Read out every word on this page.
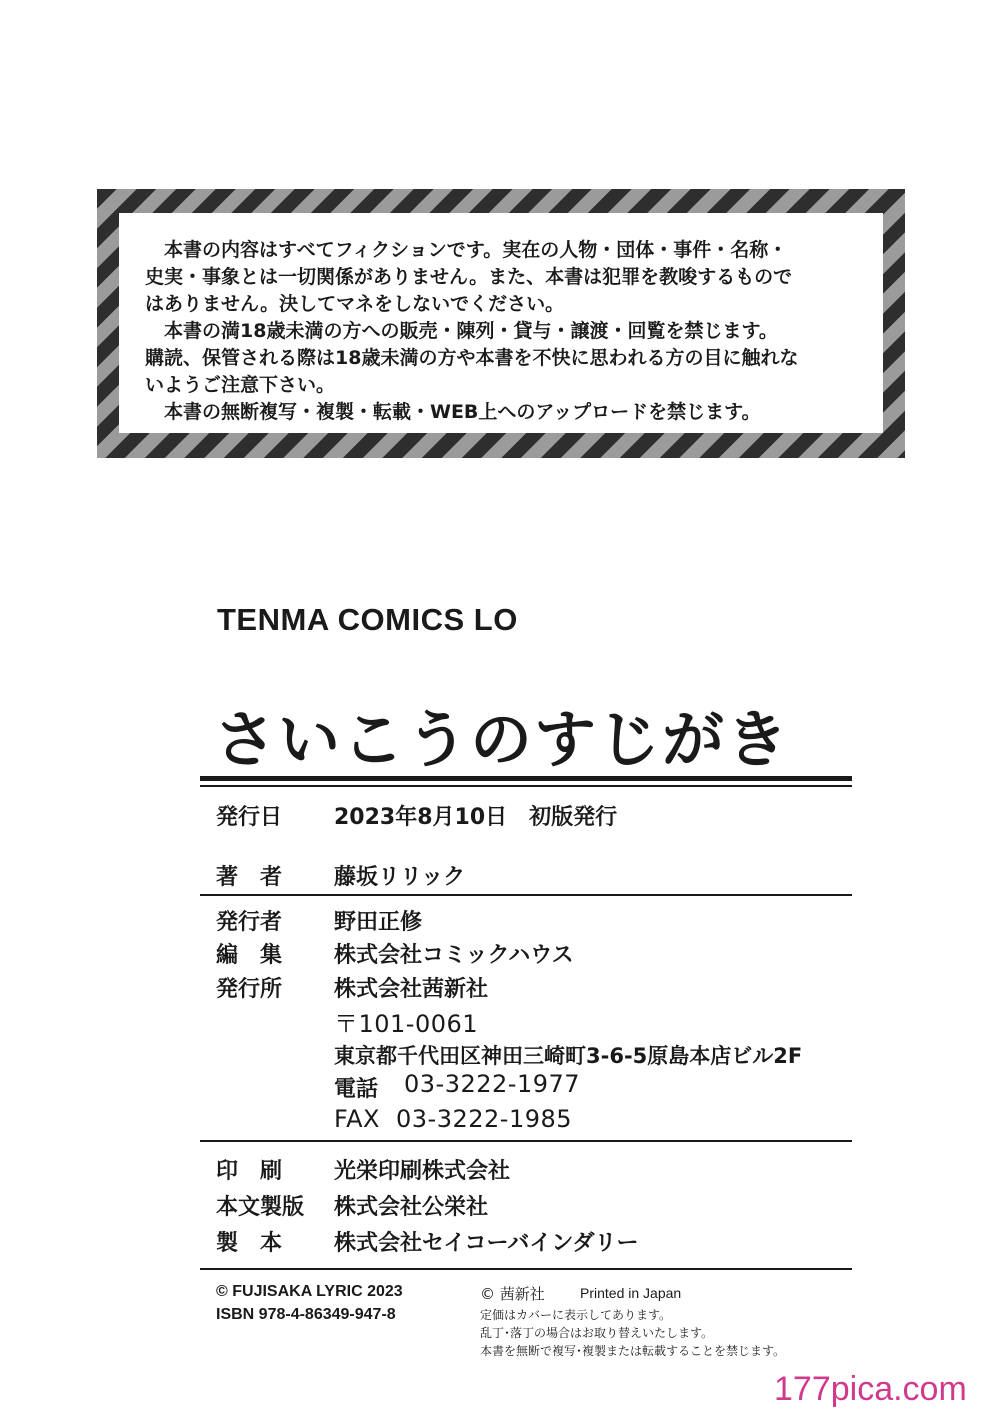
　本書の内容はすべてフィクションです。実在の人物・団体・事件・名称・
史実・事象とは一切関係がありません。また、本書は犯罪を教唆するもので
はありません。決してマネをしないでください。
　本書の満18歳未満の方への販売・陳列・貸与・譲渡・回覧を禁じます。
購読、保管される際は18歳未満の方や本書を不快に思われる方の目に触れな
いようご注意下さい。
　本書の無断複写・複製・転載・WEB上へのアップロードを禁じます。
TENMA COMICS LO
さいこうのすじがき
発行日 2023年8月10日　初版発行
著　者 藤坂リリック
発行者 野田正修
編　集 株式会社コミックハウス
発行所 株式会社茜新社
〒101-0061
東京都千代田区神田三崎町3-6-5原島本店ビル2F
電話 03-3222-1977
FAX 03-3222-1985
印　刷 光栄印刷株式会社
本文製版 株式会社公栄社
製　本 株式会社セイコーバインダリー
© FUJISAKA LYRIC 2023
ISBN 978-4-86349-947-8
© 茜新社	Printed in Japan
定価はカバーに表示してあります。
乱丁･落丁の場合はお取り替えいたします。
本書を無断で複写･複製または転載することを禁じます。
177pica.com
